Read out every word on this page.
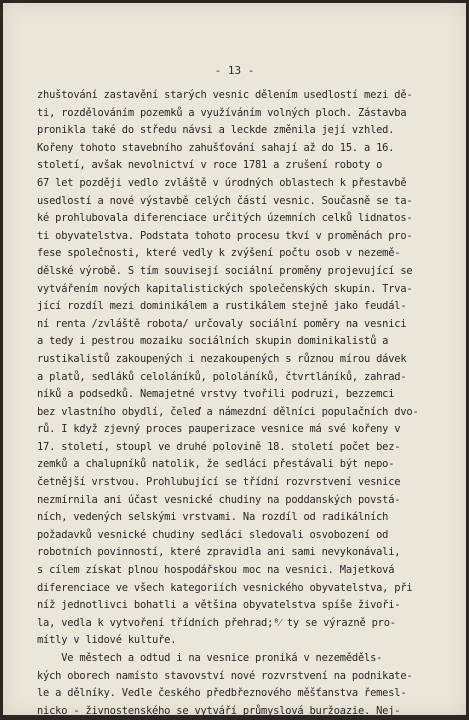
- 13 -
zhuštování zastavění starých vesnic dělením usedlostí mezi dě-
ti, rozdělováním pozemků a využíváním volných ploch. Zástavba
pronikla také do středu návsi a leckde změnila její vzhled.
Kořeny tohoto stavebního zahušťování sahají až do 15. a 16.
století, avšak nevolnictví v roce 1781 a zrušení roboty o
67 let později vedlo zvláště v úrodných oblastech k přestavbě
usedlostí a nové výstavbě celých částí vesnic. Současně se ta-
ké prohlubovala diferenciace určitých územních celků lidnatos-
ti obyvatelstva. Podstata tohoto procesu tkví v proměnách pro-
fese společnosti, které vedly k zvýšení počtu osob v nezemě-
dělské výrobě. S tím souvisejí sociální proměny projevující se
vytvářením nových kapitalistických společenských skupin. Trva-
jící rozdíl mezi dominikálem a rustikálem stejně jako feudál-
ní renta /zvláště robota/ určovaly sociální poměry na vesnici
a tedy i pestrou mozaiku sociálních skupin dominikalistů a
rustikalistů zakoupených i nezakoupených s různou mírou dávek
a platů, sedláků celoláníků, pololáníků, čtvrtláníků, zahrad-
níků a podsedků. Nemajetné vrstvy tvořili podruzi, bezzemci
bez vlastního obydlí, čeleď a námezdní dělníci populačních dvo-
rů. I když zjevný proces pauperizace vesnice má své kořeny v
17. století, stoupl ve druhé polovině 18. století počet bez-
zemků a chalupníků natolik, že sedláci přestávali být nepo-
četnější vrstvou. Prohlubující se třídní rozvrstvení vesnice
nezmírnila ani účast vesnické chudiny na poddanských povstá-
ních, vedených selskými vrstvami. Na rozdíl od radikálních
požadavků vesnické chudiny sedláci sledovali osvobození od
robotních povinností, které zpravidla ani sami nevykonávali,
s cílem získat plnou hospodářskou moc na vesnici. Majetková
diferenciace ve všech kategoriích vesnického obyvatelstva, při
níž jednotlivci bohatli a většina obyvatelstva spíše živoři-
la, vedla k vytvoření třídních přehrad;⁸⁄ ty se výrazně pro-
mítly v lidové kultuře.
Ve městech a odtud i na vesnice proniká v nezeměděls-
kých oborech namísto stavovství nové rozvrstvení na podnikate-
le a dělníky. Vedle českého předbřeznového měšťanstva řemesl-
nicko - živnostenského se vytváří průmyslová buržoazie. Nej-
